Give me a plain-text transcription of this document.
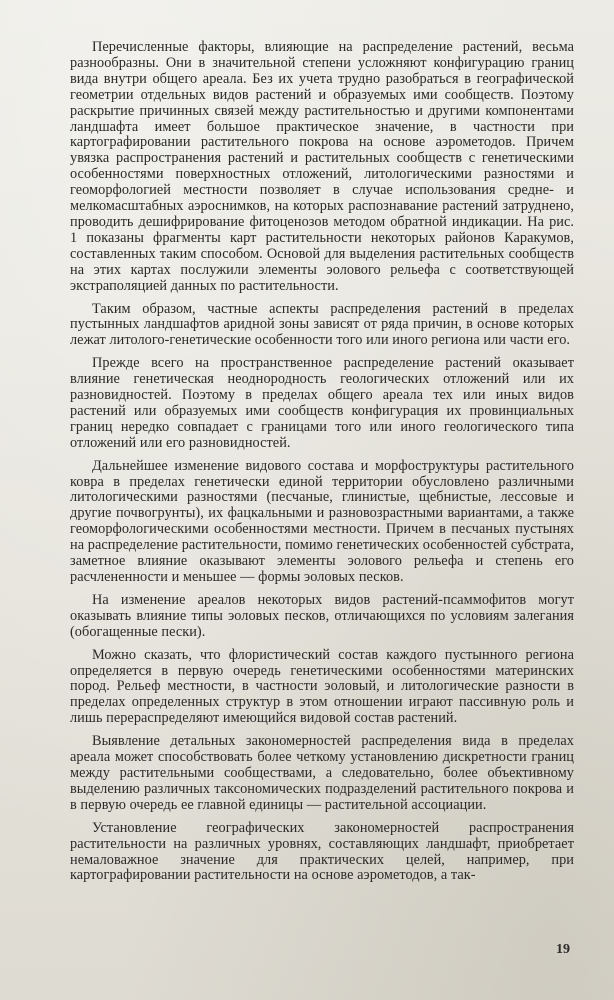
Перечисленные факторы, влияющие на распределение растений, весьма разнообразны. Они в значительной степени усложняют конфигурацию границ вида внутри общего ареала. Без их учета трудно разобраться в географической геометрии отдельных видов растений и образуемых ими сообществ. Поэтому раскрытие причинных связей между растительностью и другими компонентами ландшафта имеет большое практическое значение, в частности при картографировании растительного покрова на основе аэрометодов. Причем увязка распространения растений и растительных сообществ с генетическими особенностями поверхностных отложений, литологическими разностями и геоморфологией местности позволяет в случае использования средне- и мелкомасштабных аэроснимков, на которых распознавание растений затруднено, проводить дешифрирование фитоценозов методом обратной индикации. На рис. 1 показаны фрагменты карт растительности некоторых районов Каракумов, составленных таким способом. Основой для выделения растительных сообществ на этих картах послужили элементы эолового рельефа с соответствующей экстраполяцией данных по растительности.

Таким образом, частные аспекты распределения растений в пределах пустынных ландшафтов аридной зоны зависят от ряда причин, в основе которых лежат литолого-генетические особенности того или иного региона или части его.

Прежде всего на пространственное распределение растений оказывает влияние генетическая неоднородность геологических отложений или их разновидностей. Поэтому в пределах общего ареала тех или иных видов растений или образуемых ими сообществ конфигурация их провинциальных границ нередко совпадает с границами того или иного геологического типа отложений или его разновидностей.

Дальнейшее изменение видового состава и морфоструктуры растительного ковра в пределах генетически единой территории обусловлено различными литологическими разностями (песчаные, глинистые, щебнистые, лессовые и другие почвогрунты), их фацкальными и разновозрастными вариантами, а также геоморфологическими особенностями местности. Причем в песчаных пустынях на распределение растительности, помимо генетических особенностей субстрата, заметное влияние оказывают элементы эолового рельефа и степень его расчлененности и меньшее — формы эоловых песков.

На изменение ареалов некоторых видов растений-псаммофитов могут оказывать влияние типы эоловых песков, отличающихся по условиям залегания (обогащенные пески).

Можно сказать, что флористический состав каждого пустынного региона определяется в первую очередь генетическими особенностями материнских пород. Рельеф местности, в частности эоловый, и литологические разности в пределах определенных структур в этом отношении играют пассивную роль и лишь перераспределяют имеющийся видовой состав растений.

Выявление детальных закономерностей распределения вида в пределах ареала может способствовать более четкому установлению дискретности границ между растительными сообществами, а следовательно, более объективному выделению различных таксономических подразделений растительного покрова и в первую очередь ее главной единицы — растительной ассоциации.

Установление географических закономерностей распространения растительности на различных уровнях, составляющих ландшафт, приобретает немаловажное значение для практических целей, например, при картографировании растительности на основе аэрометодов, а так-

19
